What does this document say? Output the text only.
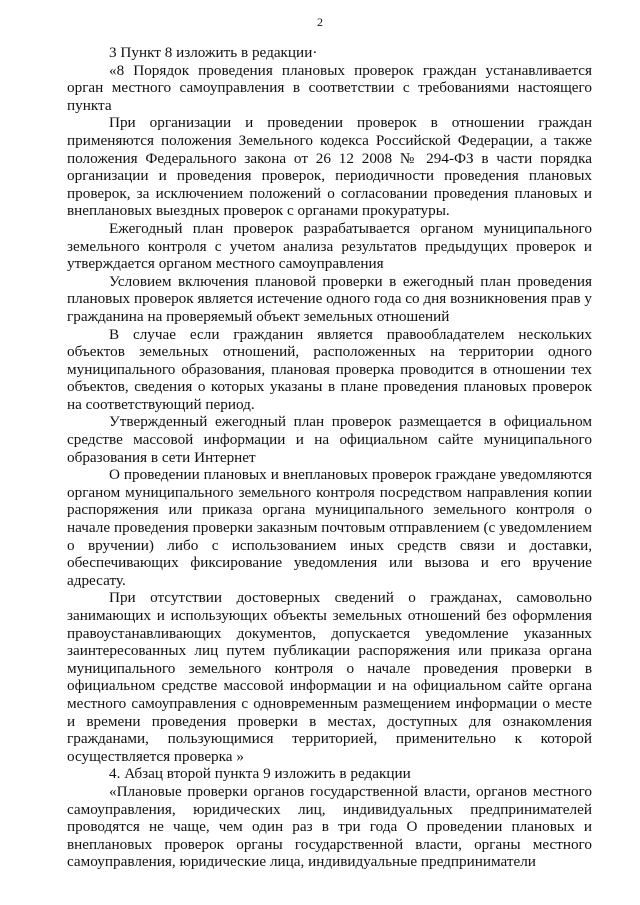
2

3 Пункт 8 изложить в редакции·

«8 Порядок проведения плановых проверок граждан устанавливается орган местного самоуправления в соответствии с требованиями настоящего пункта

При организации и проведении проверок в отношении граждан применяются положения Земельного кодекса Российской Федерации, а также положения Федерального закона от 26 12 2008 № 294-ФЗ в части порядка организации и проведения проверок, периодичности проведения плановых проверок, за исключением положений о согласовании проведения плановых и внеплановых выездных проверок с органами прокуратуры.

Ежегодный план проверок разрабатывается органом муниципального земельного контроля с учетом анализа результатов предыдущих проверок и утверждается органом местного самоуправления

Условием включения плановой проверки в ежегодный план проведения плановых проверок является истечение одного года со дня возникновения прав у гражданина на проверяемый объект земельных отношений

В случае если гражданин является правообладателем нескольких объектов земельных отношений, расположенных на территории одного муниципального образования, плановая проверка проводится в отношении тех объектов, сведения о которых указаны в плане проведения плановых проверок на соответствующий период.

Утвержденный ежегодный план проверок размещается в официальном средстве массовой информации и на официальном сайте муниципального образования в сети Интернет

О проведении плановых и внеплановых проверок граждане уведомляются органом муниципального земельного контроля посредством направления копии распоряжения или приказа органа муниципального земельного контроля о начале проведения проверки заказным почтовым отправлением (с уведомлением о вручении) либо с использованием иных средств связи и доставки, обеспечивающих фиксирование уведомления или вызова и его вручение адресату.

При отсутствии достоверных сведений о гражданах, самовольно занимающих и использующих объекты земельных отношений без оформления правоустанавливающих документов, допускается уведомление указанных заинтересованных лиц путем публикации распоряжения или приказа органа муниципального земельного контроля о начале проведения проверки в официальном средстве массовой информации и на официальном сайте органа местного самоуправления с одновременным размещением информации о месте и времени проведения проверки в местах, доступных для ознакомления гражданами, пользующимися территорией, применительно к которой осуществляется проверка »

4. Абзац второй пункта 9 изложить в редакции

«Плановые проверки органов государственной власти, органов местного самоуправления, юридических лиц, индивидуальных предпринимателей проводятся не чаще, чем один раз в три года О проведении плановых и внеплановых проверок органы государственной власти, органы местного самоуправления, юридические лица, индивидуальные предприниматели
